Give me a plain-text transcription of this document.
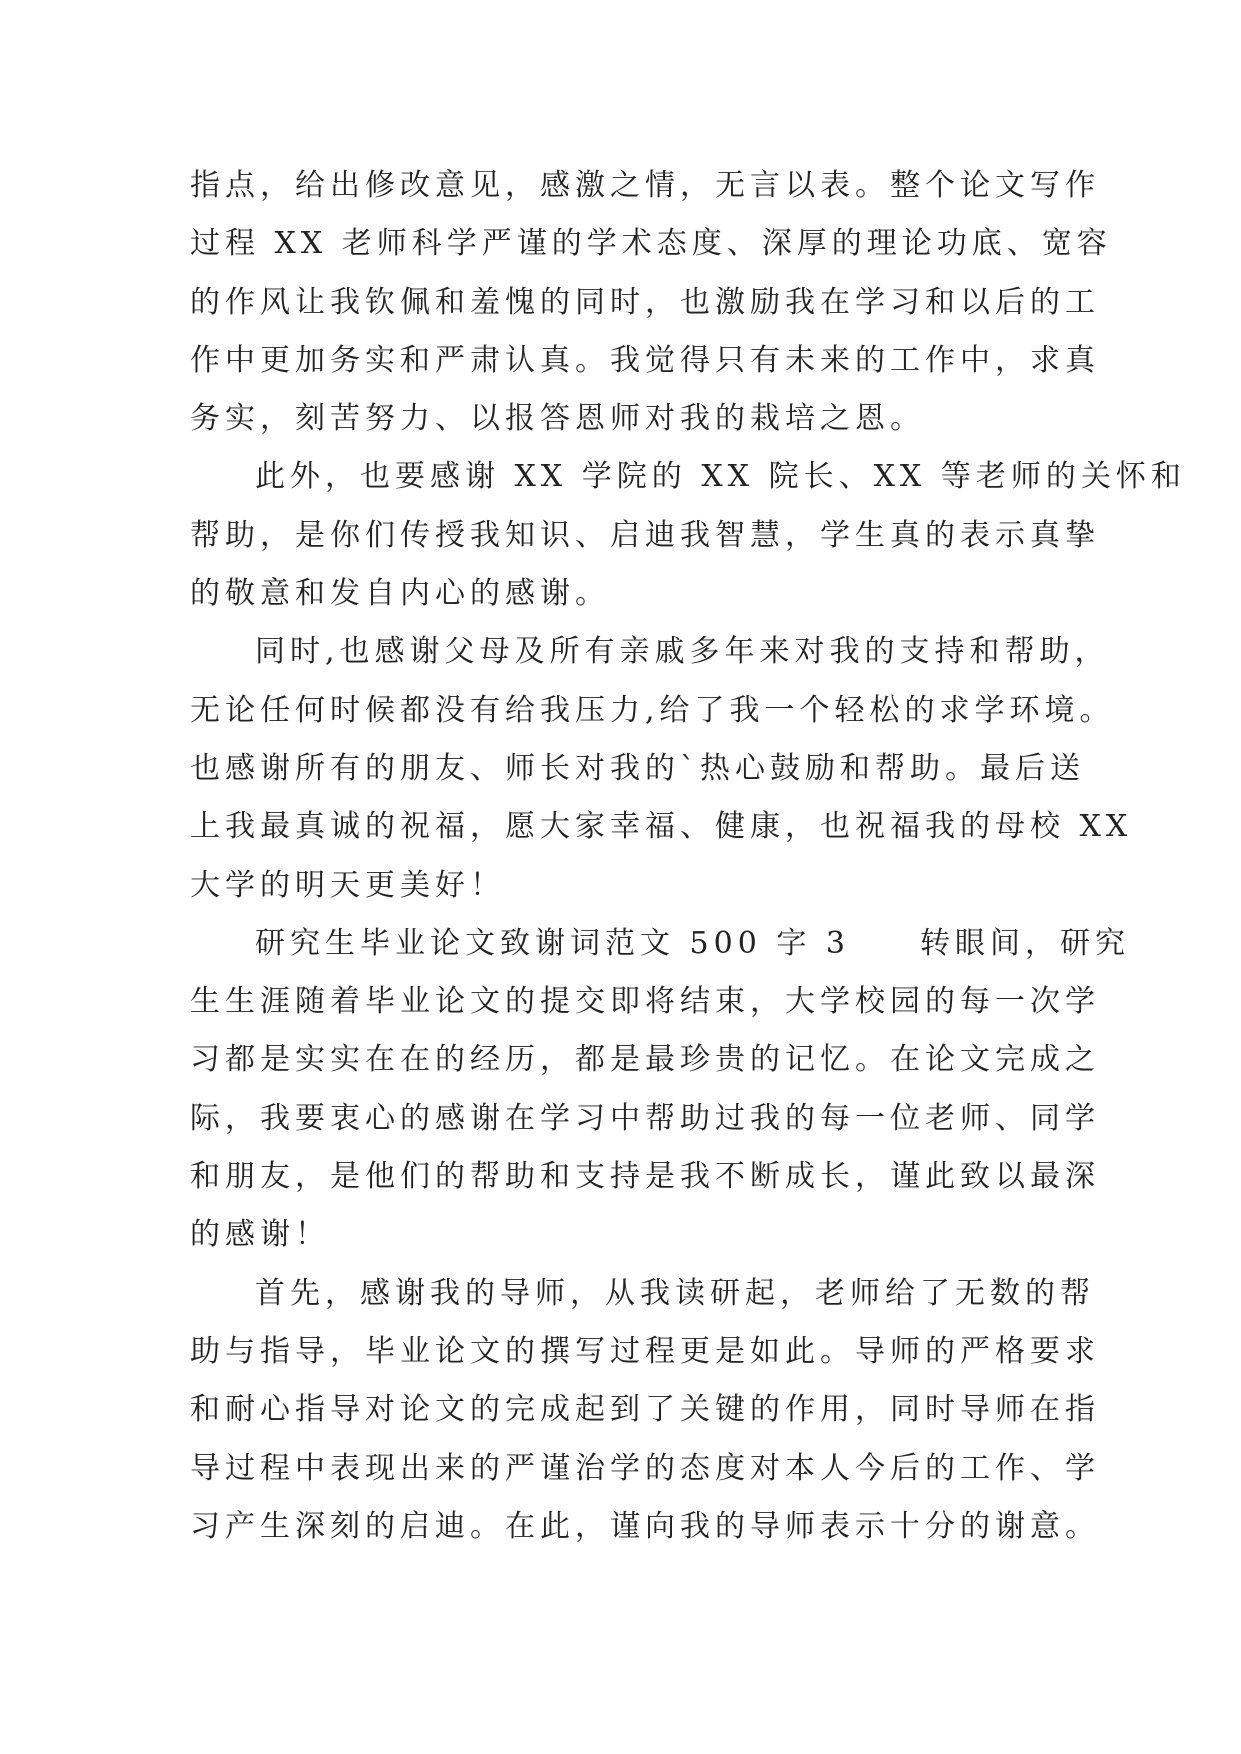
指点，给出修改意见，感激之情，无言以表。整个论文写作
过程 XX 老师科学严谨的学术态度、深厚的理论功底、宽容
的作风让我钦佩和羞愧的同时，也激励我在学习和以后的工
作中更加务实和严肃认真。我觉得只有未来的工作中，求真
务实，刻苦努力、以报答恩师对我的栽培之恩。
此外，也要感谢 XX 学院的 XX 院长、XX 等老师的关怀和
帮助，是你们传授我知识、启迪我智慧，学生真的表示真挚
的敬意和发自内心的感谢。
同时,也感谢父母及所有亲戚多年来对我的支持和帮助，
无论任何时候都没有给我压力,给了我一个轻松的求学环境。
也感谢所有的朋友、师长对我的`热心鼓励和帮助。最后送
上我最真诚的祝福，愿大家幸福、健康，也祝福我的母校 XX
大学的明天更美好！
研究生毕业论文致谢词范文 500 字 3　　转眼间，研究
生生涯随着毕业论文的提交即将结束，大学校园的每一次学
习都是实实在在的经历，都是最珍贵的记忆。在论文完成之
际，我要衷心的感谢在学习中帮助过我的每一位老师、同学
和朋友，是他们的帮助和支持是我不断成长，谨此致以最深
的感谢！
首先，感谢我的导师，从我读研起，老师给了无数的帮
助与指导，毕业论文的撰写过程更是如此。导师的严格要求
和耐心指导对论文的完成起到了关键的作用，同时导师在指
导过程中表现出来的严谨治学的态度对本人今后的工作、学
习产生深刻的启迪。在此，谨向我的导师表示十分的谢意。
